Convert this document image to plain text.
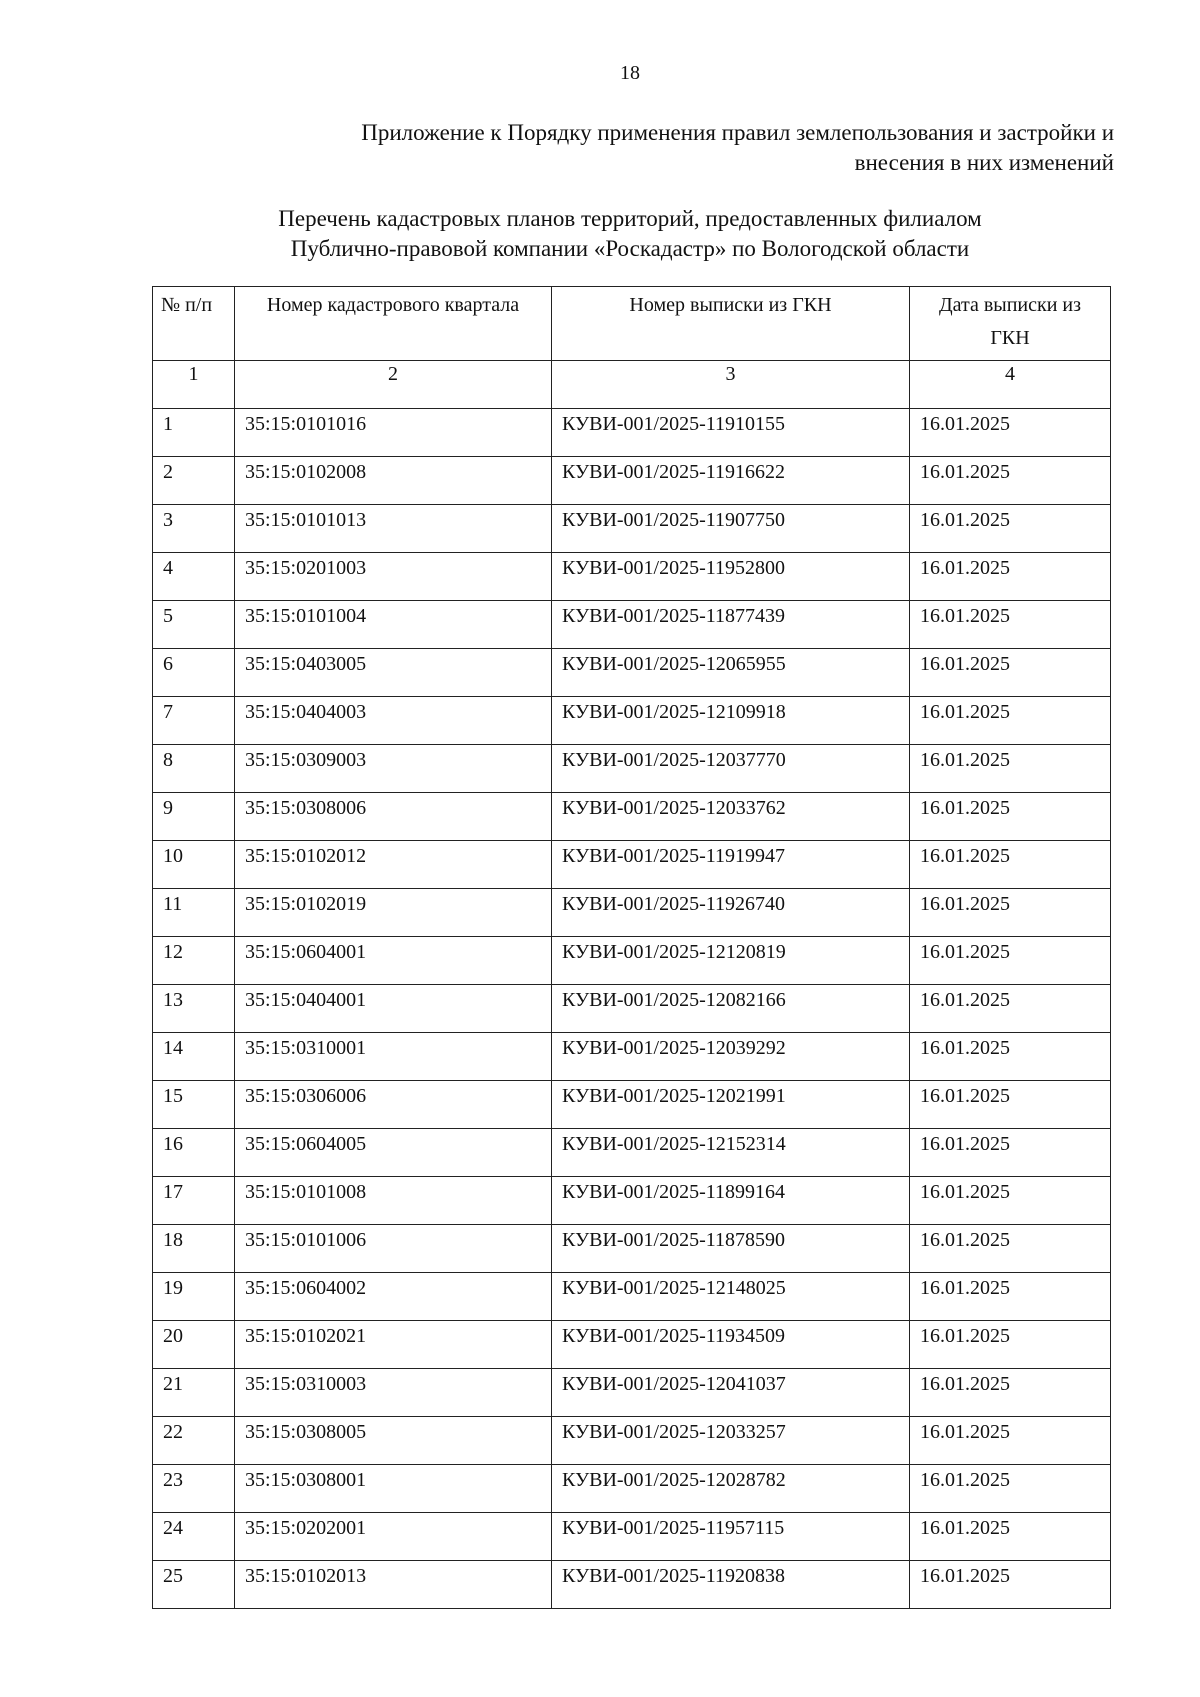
18
Приложение к Порядку применения правил землепользования и застройки и
внесения в них изменений
Перечень кадастровых планов территорий, предоставленных филиалом
Публично-правовой компании «Роскадастр» по Вологодской области
№ п/п	Номер кадастрового квартала	Номер выписки из ГКН	Дата выписки из ГКН
1	2	3	4
1	35:15:0101016	КУВИ-001/2025-11910155	16.01.2025
2	35:15:0102008	КУВИ-001/2025-11916622	16.01.2025
3	35:15:0101013	КУВИ-001/2025-11907750	16.01.2025
4	35:15:0201003	КУВИ-001/2025-11952800	16.01.2025
5	35:15:0101004	КУВИ-001/2025-11877439	16.01.2025
6	35:15:0403005	КУВИ-001/2025-12065955	16.01.2025
7	35:15:0404003	КУВИ-001/2025-12109918	16.01.2025
8	35:15:0309003	КУВИ-001/2025-12037770	16.01.2025
9	35:15:0308006	КУВИ-001/2025-12033762	16.01.2025
10	35:15:0102012	КУВИ-001/2025-11919947	16.01.2025
11	35:15:0102019	КУВИ-001/2025-11926740	16.01.2025
12	35:15:0604001	КУВИ-001/2025-12120819	16.01.2025
13	35:15:0404001	КУВИ-001/2025-12082166	16.01.2025
14	35:15:0310001	КУВИ-001/2025-12039292	16.01.2025
15	35:15:0306006	КУВИ-001/2025-12021991	16.01.2025
16	35:15:0604005	КУВИ-001/2025-12152314	16.01.2025
17	35:15:0101008	КУВИ-001/2025-11899164	16.01.2025
18	35:15:0101006	КУВИ-001/2025-11878590	16.01.2025
19	35:15:0604002	КУВИ-001/2025-12148025	16.01.2025
20	35:15:0102021	КУВИ-001/2025-11934509	16.01.2025
21	35:15:0310003	КУВИ-001/2025-12041037	16.01.2025
22	35:15:0308005	КУВИ-001/2025-12033257	16.01.2025
23	35:15:0308001	КУВИ-001/2025-12028782	16.01.2025
24	35:15:0202001	КУВИ-001/2025-11957115	16.01.2025
25	35:15:0102013	КУВИ-001/2025-11920838	16.01.2025
